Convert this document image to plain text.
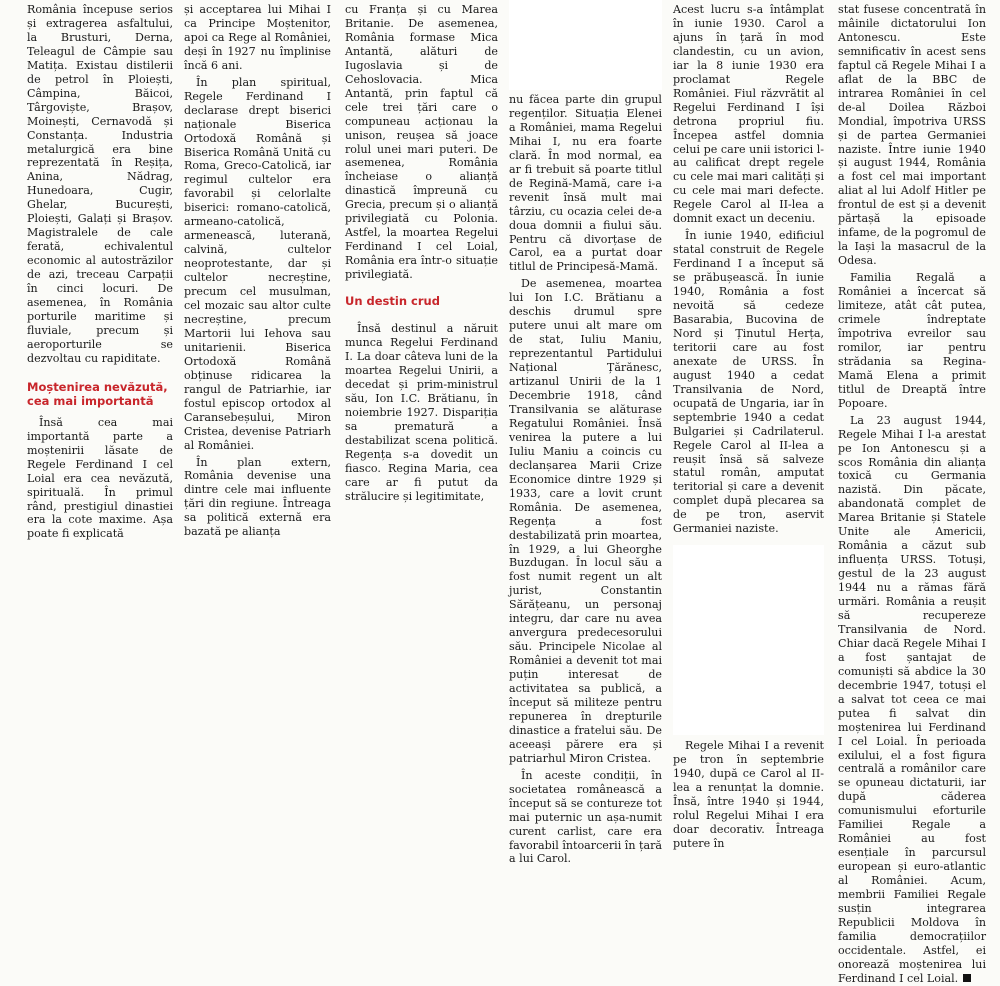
România începuse serios și extragerea asfaltului, la Brusturi, Derna, Teleagul de Câmpie sau Matița. Existau distilerii de petrol în Ploiești, Câmpina, Băicoi, Târgoviște, Brașov, Moinești, Cernavodă și Constanța. Industria metalurgică era bine reprezentată în Reșița, Anina, Nădrag, Hunedoara, Cugir, Ghelar, București, Ploiești, Galați și Brașov. Magistralele de cale ferată, echivalentul economic al autostrăzilor de azi, treceau Carpații în cinci locuri. De asemenea, în România porturile maritime și fluviale, precum și aeroporturile se dezvoltau cu rapiditate.

Moștenirea nevăzută, cea mai importantă

Însă cea mai importantă parte a moștenirii lăsate de Regele Ferdinand I cel Loial era cea nevăzută, spirituală. În primul rând, prestigiul dinastiei era la cote maxime. Așa poate fi explicată

și acceptarea lui Mihai I ca Principe Moștenitor, apoi ca Rege al României, deși în 1927 nu împlinise încă 6 ani.

În plan spiritual, Regele Ferdinand I declarase drept biserici naționale Biserica Ortodoxă Română și Biserica Română Unită cu Roma, Greco-Catolică, iar regimul cultelor era favorabil și celorlalte biserici: romano-catolică, armeano-catolică, armenească, luterană, calvină, cultelor neoprotestante, dar și cultelor necreștine, precum cel musulman, cel mozaic sau altor culte necreștine, precum Martorii lui Iehova sau unitarienii. Biserica Ortodoxă Română obținuse ridicarea la rangul de Patriarhie, iar fostul episcop ortodox al Caransebeșului, Miron Cristea, devenise Patriarh al României.

În plan extern, România devenise una dintre cele mai influente țări din regiune. Întreaga sa politică externă era bazată pe alianța

cu Franța și cu Marea Britanie. De asemenea, România formase Mica Antantă, alături de Iugoslavia și de Cehoslovacia. Mica Antantă, prin faptul că cele trei țări care o compuneau acționau la unison, reușea să joace rolul unei mari puteri. De asemenea, România încheiase o alianță dinastică împreună cu Grecia, precum și o alianță privilegiată cu Polonia. Astfel, la moartea Regelui Ferdinand I cel Loial, România era într-o situație privilegiată.

Un destin crud

Însă destinul a năruit munca Regelui Ferdinand I. La doar câteva luni de la moartea Regelui Unirii, a decedat și prim-ministrul său, Ion I.C. Brătianu, în noiembrie 1927. Dispariția sa prematură a destabilizat scena politică. Regența s-a dovedit un fiasco. Regina Maria, cea care ar fi putut da strălucire și legitimitate,

nu făcea parte din grupul regenților. Situația Elenei a României, mama Regelui Mihai I, nu era foarte clară. În mod normal, ea ar fi trebuit să poarte titlul de Regină-Mamă, care i-a revenit însă mult mai târziu, cu ocazia celei de-a doua domnii a fiului său. Pentru că divorțase de Carol, ea a purtat doar titlul de Principesă-Mamă.

De asemenea, moartea lui Ion I.C. Brătianu a deschis drumul spre putere unui alt mare om de stat, Iuliu Maniu, reprezentantul Partidului Național Țărănesc, artizanul Unirii de la 1 Decembrie 1918, când Transilvania se alăturase Regatului României. Însă venirea la putere a lui Iuliu Maniu a coincis cu declanșarea Marii Crize Economice dintre 1929 și 1933, care a lovit crunt România. De asemenea, Regența a fost destabilizată prin moartea, în 1929, a lui Gheorghe Buzdugan. În locul său a fost numit regent un alt jurist, Constantin Sărățeanu, un personaj integru, dar care nu avea anvergura predecesorului său. Principele Nicolae al României a devenit tot mai puțin interesat de activitatea sa publică, a început să militeze pentru repunerea în drepturile dinastice a fratelui său. De aceeași părere era și patriarhul Miron Cristea.

În aceste condiții, în societatea românească a început să se contureze tot mai puternic un așa-numit curent carlist, care era favorabil întoarcerii în țară a lui Carol.

Acest lucru s-a întâmplat în iunie 1930. Carol a ajuns în țară în mod clandestin, cu un avion, iar la 8 iunie 1930 era proclamat Regele României. Fiul răzvrătit al Regelui Ferdinand I își detrona propriul fiu. Începea astfel domnia celui pe care unii istorici l-au calificat drept regele cu cele mai mari calități și cu cele mai mari defecte. Regele Carol al II-lea a domnit exact un deceniu.

În iunie 1940, edificiul statal construit de Regele Ferdinand I a început să se prăbușească. În iunie 1940, România a fost nevoită să cedeze Basarabia, Bucovina de Nord și Ținutul Herța, teritorii care au fost anexate de URSS. În august 1940 a cedat Transilvania de Nord, ocupată de Ungaria, iar în septembrie 1940 a cedat Bulgariei și Cadrilaterul. Regele Carol al II-lea a reușit însă să salveze statul român, amputat teritorial și care a devenit complet după plecarea sa de pe tron, aservit Germaniei naziste.

Regele Mihai I a revenit pe tron în septembrie 1940, după ce Carol al II-lea a renunțat la domnie. Însă, între 1940 și 1944, rolul Regelui Mihai I era doar decorativ. Întreaga putere în

stat fusese concentrată în mâinile dictatorului Ion Antonescu. Este semnificativ în acest sens faptul că Regele Mihai I a aflat de la BBC de intrarea României în cel de-al Doilea Război Mondial, împotriva URSS și de partea Germaniei naziste. Între iunie 1940 și august 1944, România a fost cel mai important aliat al lui Adolf Hitler pe frontul de est și a devenit părtașă la episoade infame, de la pogromul de la Iași la masacrul de la Odesa.

Familia Regală a României a încercat să limiteze, atât cât putea, crimele îndreptate împotriva evreilor sau romilor, iar pentru strădania sa Regina-Mamă Elena a primit titlul de Dreaptă între Popoare.

La 23 august 1944, Regele Mihai I l-a arestat pe Ion Antonescu și a scos România din alianța toxică cu Germania nazistă. Din păcate, abandonată complet de Marea Britanie și Statele Unite ale Americii, România a căzut sub influența URSS. Totuși, gestul de la 23 august 1944 nu a rămas fără urmări. România a reușit să recupereze Transilvania de Nord. Chiar dacă Regele Mihai I a fost șantajat de comuniști să abdice la 30 decembrie 1947, totuși el a salvat tot ceea ce mai putea fi salvat din moștenirea lui Ferdinand I cel Loial. În perioada exilului, el a fost figura centrală a românilor care se opuneau dictaturii, iar după căderea comunismului eforturile Familiei Regale a României au fost esențiale în parcursul european și euro-atlantic al României. Acum, membrii Familiei Regale susțin integrarea Republicii Moldova în familia democrațiilor occidentale. Astfel, ei onorează moștenirea lui Ferdinand I cel Loial.
